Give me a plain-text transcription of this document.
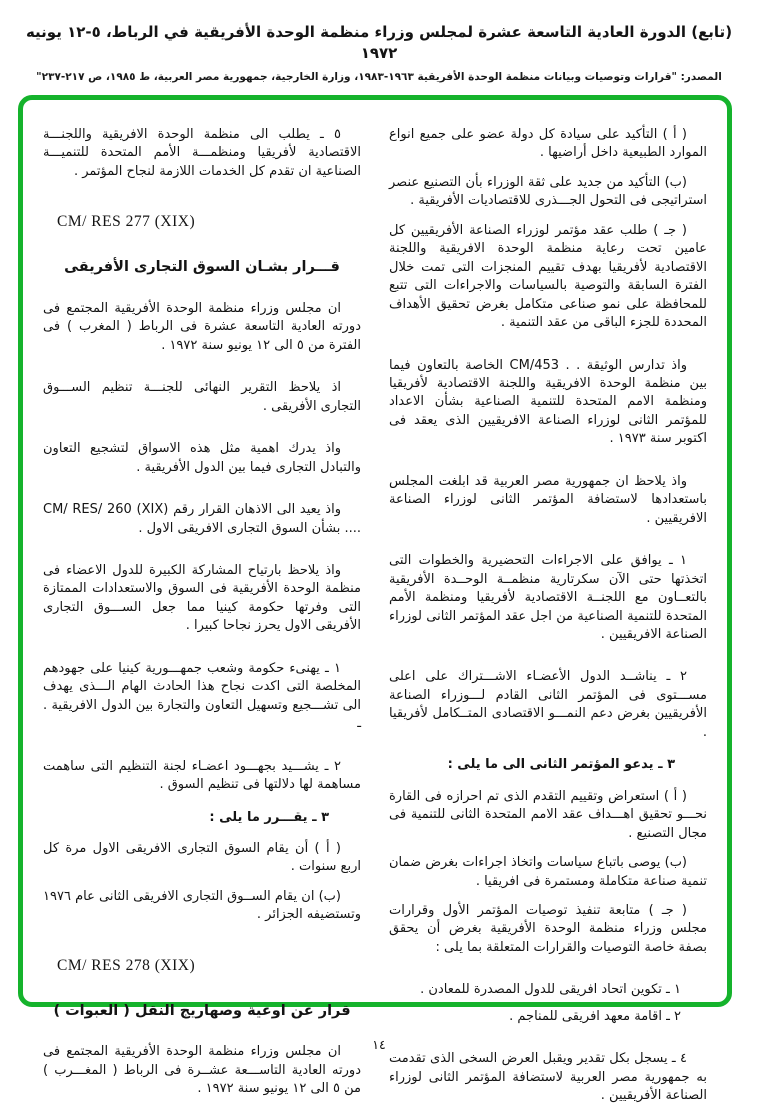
(تابع) الدورة العادية التاسعة عشرة لمجلس وزراء منظمة الوحدة الأفريقية في الرباط، ٥-١٢ يونيه ١٩٧٢
المصدر: "قرارات وتوصيات وبيانات منظمة الوحدة الأفريقية ١٩٦٣-١٩٨٣، وزارة الخارجية، جمهورية مصر العربية، ط ١٩٨٥، ص ٢١٧-٢٣٧"

( أ ) التأكيد على سيادة كل دولة عضو على جميع انواع الموارد الطبيعية داخل أراضيها .

(ب) التأكيد من جديد على ثقة الوزراء بأن التصنيع عنصر استراتيجى فى التحول الجـــذرى للاقتصاديات الأفريقية .

( جـ ) طلب عقد مؤتمر لوزراء الصناعة الأفريقيين كل عامين تحت رعاية منظمة الوحدة الافريقية واللجنة الاقتصادية لأفريقيا بهدف تقييم المنجزات التى تمت خلال الفترة السابقة والتوصية بالسياسات والاجراءات التى تتبع للمحافظة على نمو صناعى متكامل بغرض تحقيق الأهداف المحددة للجزء الباقى من عقد التنمية .

واذ تدارس الوثيقة . . CM/453 الخاصة بالتعاون فيما بين منظمة الوحدة الافريقية واللجنة الاقتصادية لأفريقيا ومنظمة الامم المتحدة للتنمية الصناعية بشأن الاعداد للمؤتمر الثانى لوزراء الصناعة الافريقيين الذى يعقد فى اكتوبر سنة ١٩٧٣ .

واذ يلاحظ ان جمهورية مصر العربية قد ابلغت المجلس باستعدادها لاستضافة المؤتمر الثانى لوزراء الصناعة الافريقيين .

١ ـ يوافق على الاجراءات التحضيرية والخطوات التى اتخذتها حتى الآن سكرتارية منظمــة الوحــدة الأفريقية بالتعــاون مع اللجنــة الاقتصادية لأفريقيا ومنظمة الأمم المتحدة للتنمية الصناعية من اجل عقد المؤتمر الثانى لوزراء الصناعة الافريقيين .

٢ ـ يناشــد الدول الأعضـاء الاشـــتراك على اعلى مســـتوى فى المؤتمر الثانى القادم لـــوزراء الصناعة الأفريقيين بغرض دعم النمـــو الاقتصادى المتــكامل لأفريقيا .

٣ ـ يدعو المؤتمر الثانى الى ما يلى :

( أ ) استعراض وتقييم التقدم الذى تم احرازه فى القارة نحـــو تحقيق اهـــداف عقد الامم المتحدة الثانى للتنمية فى مجال التصنيع .

(ب) يوصى باتباع سياسات واتخاذ اجراءات بغرض ضمان تنمية صناعة متكاملة ومستمرة فى افريقيا .

( جـ ) متابعة تنفيذ توصيات المؤتمر الأول وقرارات مجلس وزراء منظمة الوحدة الأفريقية بغرض أن يحقق بصفة خاصة التوصيات والقرارات المتعلقة بما يلى :

١ ـ تكوين اتحاد افريقى للدول المصدرة للمعادن .

٢ ـ اقامة معهد افريقى للمناجم .

٤ ـ يسجل بكل تقدير ويقبل العرض السخى الذى تقدمت به جمهورية مصر العربية لاستضافة المؤتمر الثانى لوزراء الصناعة الأفريقيين .

٥ ـ يطلب الى منظمة الوحدة الافريقية واللجنـــة الاقتصادية لأفريقيا ومنظمـــة الأمم المتحدة للتنميـــة الصناعية ان تقدم كل الخدمات اللازمة لنجاح المؤتمر .

CM/ RES 277 (XIX)

قـــرار بشـان السوق التجارى الأفريقى

ان مجلس وزراء منظمة الوحدة الأفريقية المجتمع فى دورته العادية التاسعة عشرة فى الرباط ( المغرب ) فى الفترة من ٥ الى ١٢ يونيو سنة ١٩٧٢ .

اذ يلاحظ التقرير النهائى للجنـــة تنظيم الســـوق التجارى الأفريقى .

واذ يدرك اهمية مثل هذه الاسواق لتشجيع التعاون والتبادل التجارى فيما بين الدول الأفريقية .

واذ يعيد الى الاذهان القرار رقم CM/ RES/ 260 (XIX) .... بشأن السوق التجارى الافريقى الاول .

واذ يلاحظ بارتياح المشاركة الكبيرة للدول الاعضاء فى منظمة الوحدة الأفريقية فى السوق والاستعدادات الممتازة التى وفرتها حكومة كينيا مما جعل الســـوق التجارى الأفريقى الاول يحرز نجاحا كبيرا .

١ ـ يهنىء حكومة وشعب جمهـــورية كينيا على جهودهم المخلصة التى اكدت نجاح هذا الحادث الهام الـــذى يهدف الى تشـــجيع وتسهيل التعاون والتجارة بين الدول الافريقية . ـ

٢ ـ يشـــيد بجهـــود اعضـاء لجنة التنظيم التى ساهمت مساهمة لها دلالتها فى تنظيم السوق .

٣ ـ يقـــرر ما يلى :

( أ ) أن يقام السوق التجارى الافريقى الاول مرة كل اربع سنوات .

(ب) ان يقام الســوق التجارى الافريقى الثانى عام ١٩٧٦ وتستضيفه الجزائر .

CM/ RES 278 (XIX)

قرار عن اوعية وصهاريج النقل ( العبوات )

ان مجلس وزراء منظمة الوحدة الأفريقية المجتمع فى دورته العادية التاســـعة عشــرة فى الرباط ( المغـــرب ) من ٥ الى ١٢ يونيو سنة ١٩٧٢ .

١٤
